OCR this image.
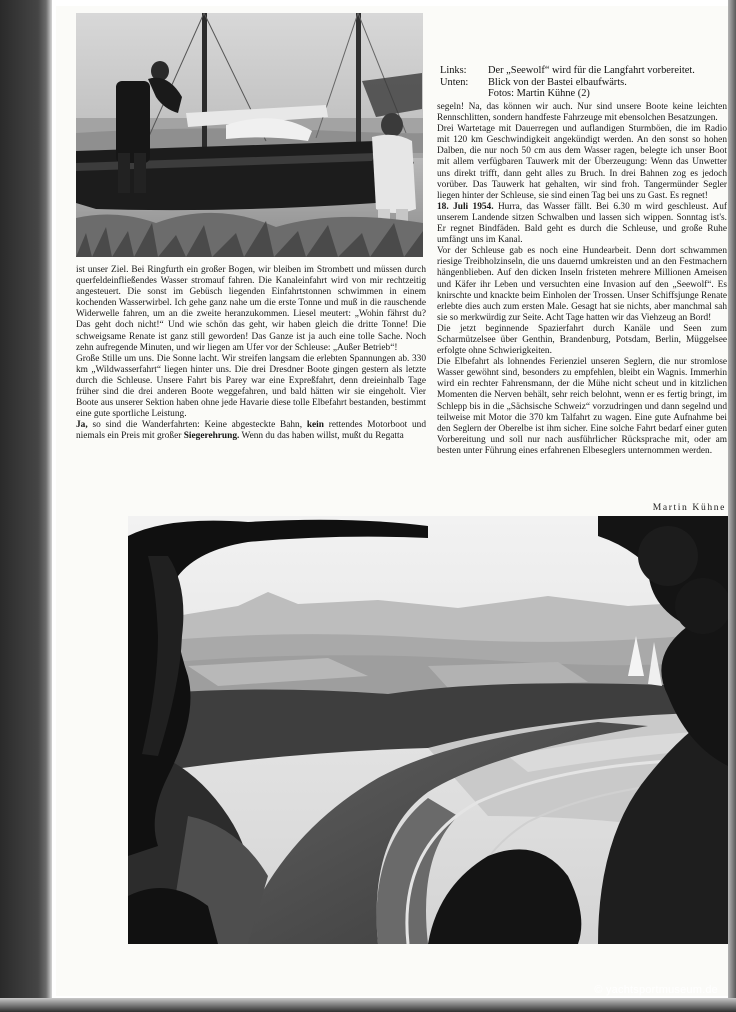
Links: Der „Seewolf“ wird für die Langfahrt vorbereitet.
Unten: Blick von der Bastei elbaufwärts.
Fotos: Martin Kühne (2)

segeln! Na, das können wir auch. Nur sind unsere Boote keine leichten Rennschlitten, sondern handfeste Fahrzeuge mit ebensolchen Besatzungen.

Drei Wartetage mit Dauerregen und auflandigen Sturmböen, die im Radio mit 120 km Geschwindigkeit angekündigt werden. An den sonst so hohen Dalben, die nur noch 50 cm aus dem Wasser ragen, belegte ich unser Boot mit allem verfügbaren Tauwerk mit der Überzeugung: Wenn das Unwetter uns direkt trifft, dann geht alles zu Bruch. In drei Bahnen zog es jedoch vorüber. Das Tauwerk hat gehalten, wir sind froh. Tangermünder Segler liegen hinter der Schleuse, sie sind einen Tag bei uns zu Gast. Es regnet!

18. Juli 1954. Hurra, das Wasser fällt. Bei 6.30 m wird geschleust. Auf unserem Landende sitzen Schwalben und lassen sich wippen. Sonntag ist's. Er regnet Bindfäden. Bald geht es durch die Schleuse, und große Ruhe umfängt uns im Kanal.

Vor der Schleuse gab es noch eine Hundearbeit. Denn dort schwammen riesige Treibholzinseln, die uns dauernd umkreisten und an den Festmachern hängenblieben. Auf den dicken Inseln fristeten mehrere Millionen Ameisen und Käfer ihr Leben und versuchten eine Invasion auf den „Seewolf“. Es knirschte und knackte beim Einholen der Trossen. Unser Schiffsjunge Renate erlebte dies auch zum ersten Male. Gesagt hat sie nichts, aber manchmal sah sie so merkwürdig zur Seite. Acht Tage hatten wir das Viehzeug an Bord!

Die jetzt beginnende Spazierfahrt durch Kanäle und Seen zum Scharmützelsee über Genthin, Brandenburg, Potsdam, Berlin, Müggelsee erfolgte ohne Schwierigkeiten.

Die Elbefahrt als lohnendes Ferienziel unseren Seglern, die nur stromlose Wasser gewöhnt sind, besonders zu empfehlen, bleibt ein Wagnis. Immerhin wird ein rechter Fahrensmann, der die Mühe nicht scheut und in kitzlichen Momenten die Nerven behält, sehr reich belohnt, wenn er es fertig bringt, im Schlepp bis in die „Sächsische Schweiz“ vorzudringen und dann segelnd und teilweise mit Motor die 370 km Talfahrt zu wagen. Eine gute Aufnahme bei den Seglern der Oberelbe ist ihm sicher. Eine solche Fahrt bedarf einer guten Vorbereitung und soll nur nach ausführlicher Rücksprache mit, oder am besten unter Führung eines erfahrenen Elbeseglers unternommen werden.

ist unser Ziel. Bei Ringfurth ein großer Bogen, wir bleiben im Strombett und müssen durch querfeldeinfließendes Wasser stromauf fahren. Die Kanaleinfahrt wird von mir rechtzeitig angesteuert. Die sonst im Gebüsch liegenden Einfahrtstonnen schwimmen in einem kochenden Wasserwirbel. Ich gehe ganz nahe um die erste Tonne und muß in die rauschende Widerwelle fahren, um an die zweite heranzukommen. Liesel meutert: „Wohin fährst du? Das geht doch nicht!“ Und wie schön das geht, wir haben gleich die dritte Tonne! Die schweigsame Renate ist ganz still geworden! Das Ganze ist ja auch eine tolle Sache. Noch zehn aufregende Minuten, und wir liegen am Ufer vor der Schleuse: „Außer Betrieb“!

Große Stille um uns. Die Sonne lacht. Wir streifen langsam die erlebten Spannungen ab. 330 km „Wildwasserfahrt“ liegen hinter uns. Die drei Dresdner Boote gingen gestern als letzte durch die Schleuse. Unsere Fahrt bis Parey war eine Expreßfahrt, denn dreieinhalb Tage früher sind die drei anderen Boote weggefahren, und bald hätten wir sie eingeholt. Vier Boote aus unserer Sektion haben ohne jede Havarie diese tolle Elbefahrt bestanden, bestimmt eine gute sportliche Leistung.

Ja, so sind die Wanderfahrten: Keine abgesteckte Bahn, kein rettendes Motorboot und niemals ein Preis mit großer Siegerehrung. Wenn du das haben willst, mußt du Regatta

Martin Kühne
© yachtsportmuseum.de
